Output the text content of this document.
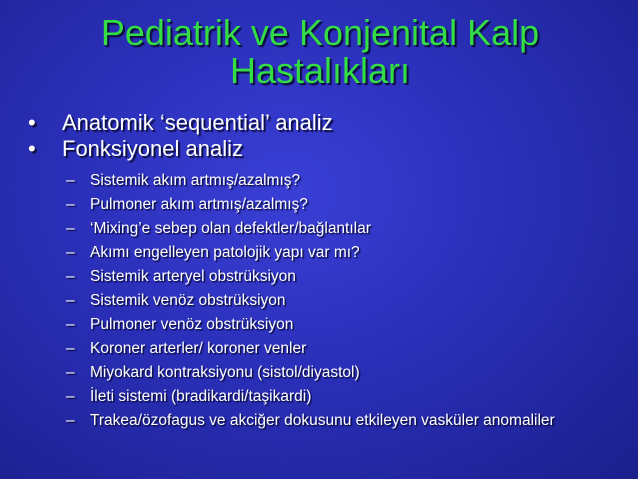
Pediatrik ve Konjenital Kalp
Hastalıkları
•	Anatomik ‘sequential’ analiz
•	Fonksiyonel analiz
– Sistemik akım artmış/azalmış?
– Pulmoner akım artmış/azalmış?
– ‘Mixing’e sebep olan defektler/bağlantılar
– Akımı engelleyen patolojik yapı var mı?
– Sistemik arteryel obstrüksiyon
– Sistemik venöz obstrüksiyon
– Pulmoner venöz obstrüksiyon
– Koroner arterler/ koroner venler
– Miyokard kontraksiyonu (sistol/diyastol)
– İleti sistemi (bradikardi/taşikardi)
– Trakea/özofagus ve akciğer dokusunu etkileyen vasküler anomaliler
